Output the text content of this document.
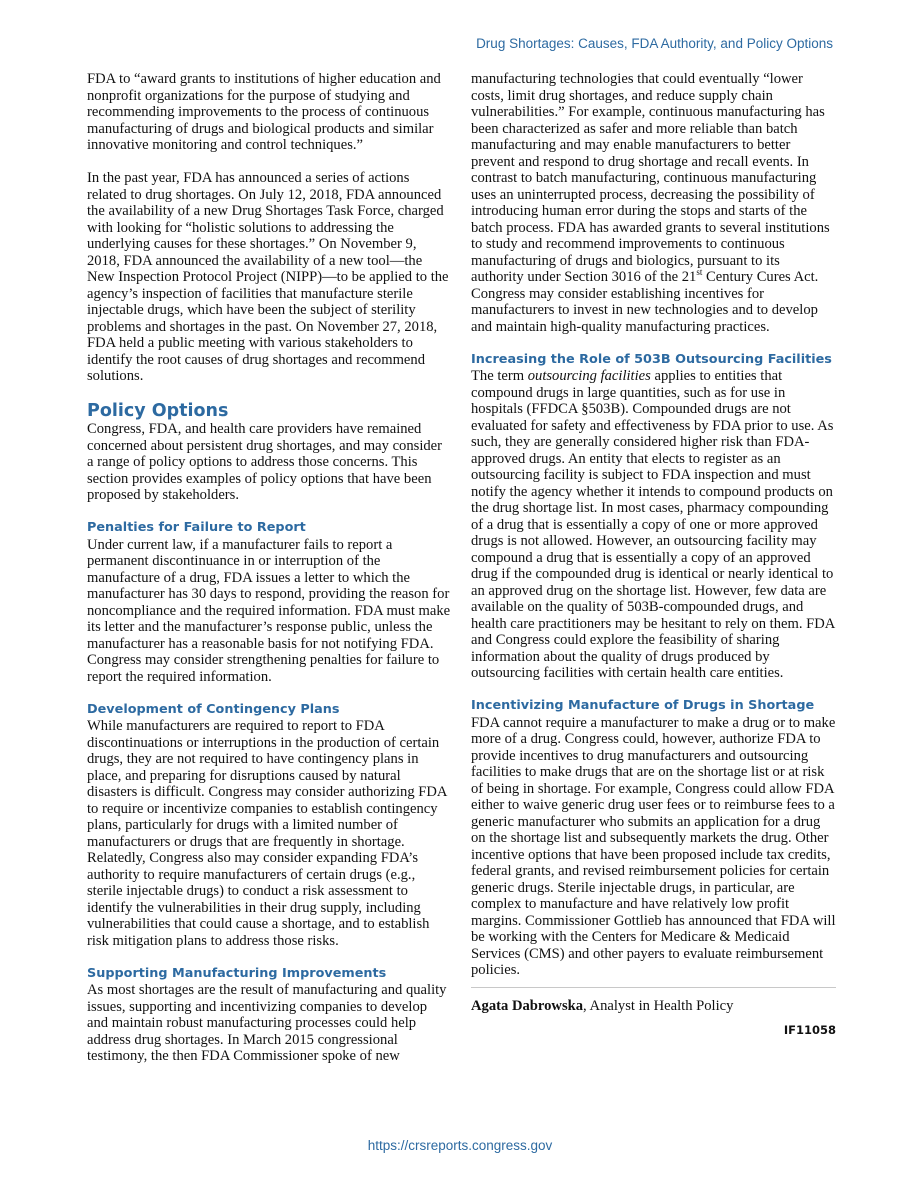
Drug Shortages: Causes, FDA Authority, and Policy Options

FDA to “award grants to institutions of higher education and nonprofit organizations for the purpose of studying and recommending improvements to the process of continuous manufacturing of drugs and biological products and similar innovative monitoring and control techniques.”

In the past year, FDA has announced a series of actions related to drug shortages. On July 12, 2018, FDA announced the availability of a new Drug Shortages Task Force, charged with looking for “holistic solutions to addressing the underlying causes for these shortages.” On November 9, 2018, FDA announced the availability of a new tool—the New Inspection Protocol Project (NIPP)—to be applied to the agency’s inspection of facilities that manufacture sterile injectable drugs, which have been the subject of sterility problems and shortages in the past. On November 27, 2018, FDA held a public meeting with various stakeholders to identify the root causes of drug shortages and recommend solutions.

Policy Options

Congress, FDA, and health care providers have remained concerned about persistent drug shortages, and may consider a range of policy options to address those concerns. This section provides examples of policy options that have been proposed by stakeholders.

Penalties for Failure to Report

Under current law, if a manufacturer fails to report a permanent discontinuance in or interruption of the manufacture of a drug, FDA issues a letter to which the manufacturer has 30 days to respond, providing the reason for noncompliance and the required information. FDA must make its letter and the manufacturer’s response public, unless the manufacturer has a reasonable basis for not notifying FDA. Congress may consider strengthening penalties for failure to report the required information.

Development of Contingency Plans

While manufacturers are required to report to FDA discontinuations or interruptions in the production of certain drugs, they are not required to have contingency plans in place, and preparing for disruptions caused by natural disasters is difficult. Congress may consider authorizing FDA to require or incentivize companies to establish contingency plans, particularly for drugs with a limited number of manufacturers or drugs that are frequently in shortage. Relatedly, Congress also may consider expanding FDA’s authority to require manufacturers of certain drugs (e.g., sterile injectable drugs) to conduct a risk assessment to identify the vulnerabilities in their drug supply, including vulnerabilities that could cause a shortage, and to establish risk mitigation plans to address those risks.

Supporting Manufacturing Improvements

As most shortages are the result of manufacturing and quality issues, supporting and incentivizing companies to develop and maintain robust manufacturing processes could help address drug shortages. In March 2015 congressional testimony, the then FDA Commissioner spoke of new

manufacturing technologies that could eventually “lower costs, limit drug shortages, and reduce supply chain vulnerabilities.” For example, continuous manufacturing has been characterized as safer and more reliable than batch manufacturing and may enable manufacturers to better prevent and respond to drug shortage and recall events. In contrast to batch manufacturing, continuous manufacturing uses an uninterrupted process, decreasing the possibility of introducing human error during the stops and starts of the batch process. FDA has awarded grants to several institutions to study and recommend improvements to continuous manufacturing of drugs and biologics, pursuant to its authority under Section 3016 of the 21st Century Cures Act. Congress may consider establishing incentives for manufacturers to invest in new technologies and to develop and maintain high-quality manufacturing practices.

Increasing the Role of 503B Outsourcing Facilities

The term outsourcing facilities applies to entities that compound drugs in large quantities, such as for use in hospitals (FFDCA §503B). Compounded drugs are not evaluated for safety and effectiveness by FDA prior to use. As such, they are generally considered higher risk than FDA-approved drugs. An entity that elects to register as an outsourcing facility is subject to FDA inspection and must notify the agency whether it intends to compound products on the drug shortage list. In most cases, pharmacy compounding of a drug that is essentially a copy of one or more approved drugs is not allowed. However, an outsourcing facility may compound a drug that is essentially a copy of an approved drug if the compounded drug is identical or nearly identical to an approved drug on the shortage list. However, few data are available on the quality of 503B-compounded drugs, and health care practitioners may be hesitant to rely on them. FDA and Congress could explore the feasibility of sharing information about the quality of drugs produced by outsourcing facilities with certain health care entities.

Incentivizing Manufacture of Drugs in Shortage

FDA cannot require a manufacturer to make a drug or to make more of a drug. Congress could, however, authorize FDA to provide incentives to drug manufacturers and outsourcing facilities to make drugs that are on the shortage list or at risk of being in shortage. For example, Congress could allow FDA either to waive generic drug user fees or to reimburse fees to a generic manufacturer who submits an application for a drug on the shortage list and subsequently markets the drug. Other incentive options that have been proposed include tax credits, federal grants, and revised reimbursement policies for certain generic drugs. Sterile injectable drugs, in particular, are complex to manufacture and have relatively low profit margins. Commissioner Gottlieb has announced that FDA will be working with the Centers for Medicare & Medicaid Services (CMS) and other payers to evaluate reimbursement policies.

Agata Dabrowska, Analyst in Health Policy
IF11058
https://crsreports.congress.gov
